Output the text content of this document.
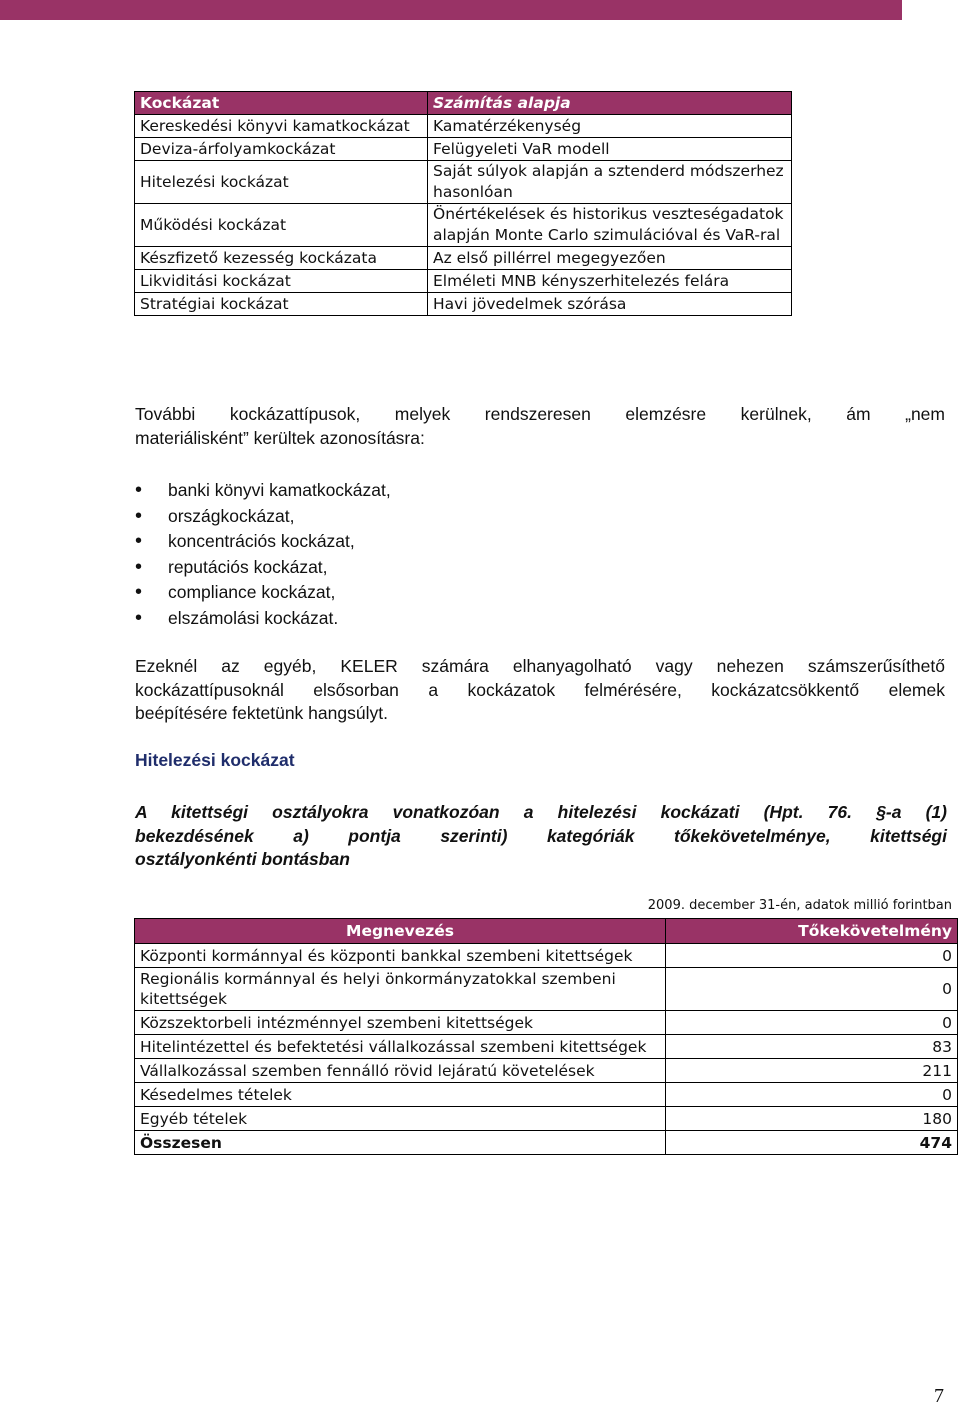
Kockázat	Számítás alapja
Kereskedési könyvi kamatkockázat	Kamatérzékenység
Deviza-árfolyamkockázat	Felügyeleti VaR modell
Hitelezési kockázat	Saját súlyok alapján a sztenderd módszerhez hasonlóan
Működési kockázat	Önértékelések és historikus veszteségadatok alapján Monte Carlo szimulációval és VaR-ral
Készfizető kezesség kockázata	Az első pillérrel megegyezően
Likviditási kockázat	Elméleti MNB kényszerhitelezés felára
Stratégiai kockázat	Havi jövedelmek szórása

További kockázattípusok, melyek rendszeresen elemzésre kerülnek, ám „nem
materiálisként” kerültek azonosításra:

• banki könyvi kamatkockázat,
• országkockázat,
• koncentrációs kockázat,
• reputációs kockázat,
• compliance kockázat,
• elszámolási kockázat.

Ezeknél az egyéb, KELER számára elhanyagolható vagy nehezen számszerűsíthető
kockázattípusoknál elsősorban a kockázatok felmérésére, kockázatcsökkentő elemek
beépítésére fektetünk hangsúlyt.

Hitelezési kockázat

A kitettségi osztályokra vonatkozóan a hitelezési kockázati (Hpt. 76. §-a (1)
bekezdésének a) pontja szerinti) kategóriák tőkekövetelménye, kitettségi
osztályonkénti bontásban

2009. december 31-én, adatok millió forintban
Megnevezés	Tőkekövetelmény
Központi kormánnyal és központi bankkal szembeni kitettségek	0
Regionális kormánnyal és helyi önkormányzatokkal szembeni kitettségek	0
Közszektorbeli intézménnyel szembeni kitettségek	0
Hitelintézettel és befektetési vállalkozással szembeni kitettségek	83
Vállalkozással szemben fennálló rövid lejáratú követelések	211
Késedelmes tételek	0
Egyéb tételek	180
Összesen	474
7
